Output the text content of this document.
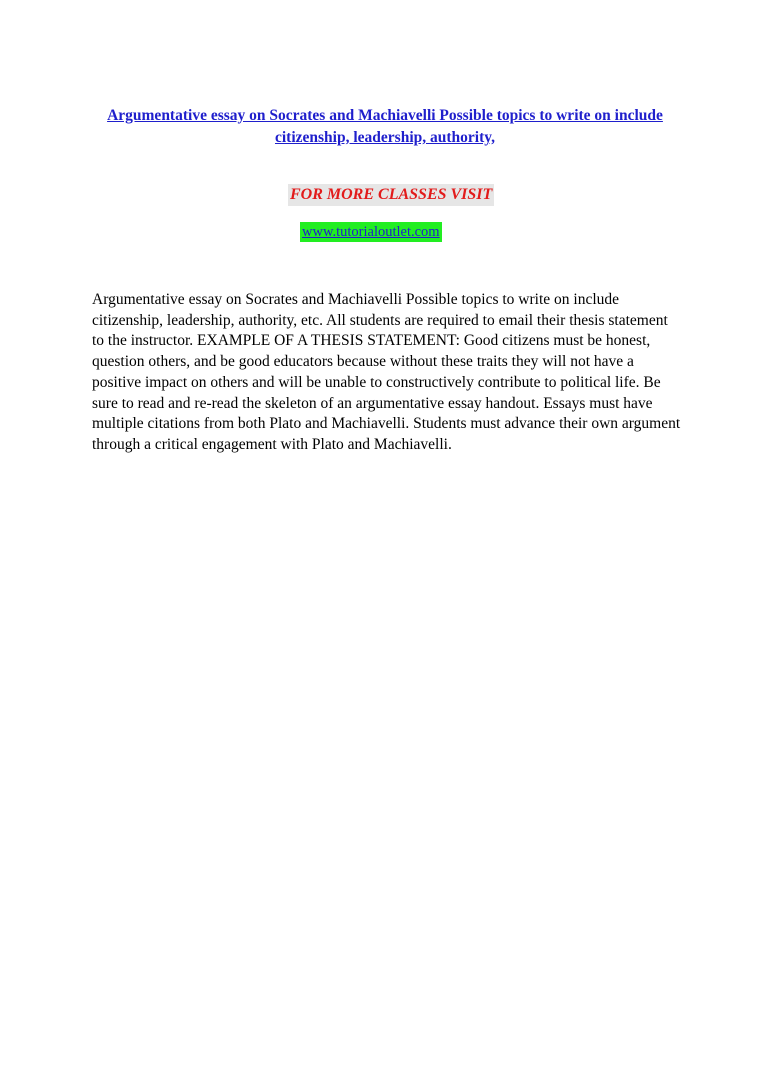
Argumentative essay on Socrates and Machiavelli Possible topics to write on include citizenship, leadership, authority,
FOR MORE CLASSES VISIT
www.tutorialoutlet.com

Argumentative essay on Socrates and Machiavelli Possible topics to write on include citizenship, leadership, authority, etc. All students are required to email their thesis statement to the instructor. EXAMPLE OF A THESIS STATEMENT: Good citizens must be honest, question others, and be good educators because without these traits they will not have a positive impact on others and will be unable to constructively contribute to political life. Be sure to read and re-read the skeleton of an argumentative essay handout. Essays must have multiple citations from both Plato and Machiavelli. Students must advance their own argument through a critical engagement with Plato and Machiavelli.
